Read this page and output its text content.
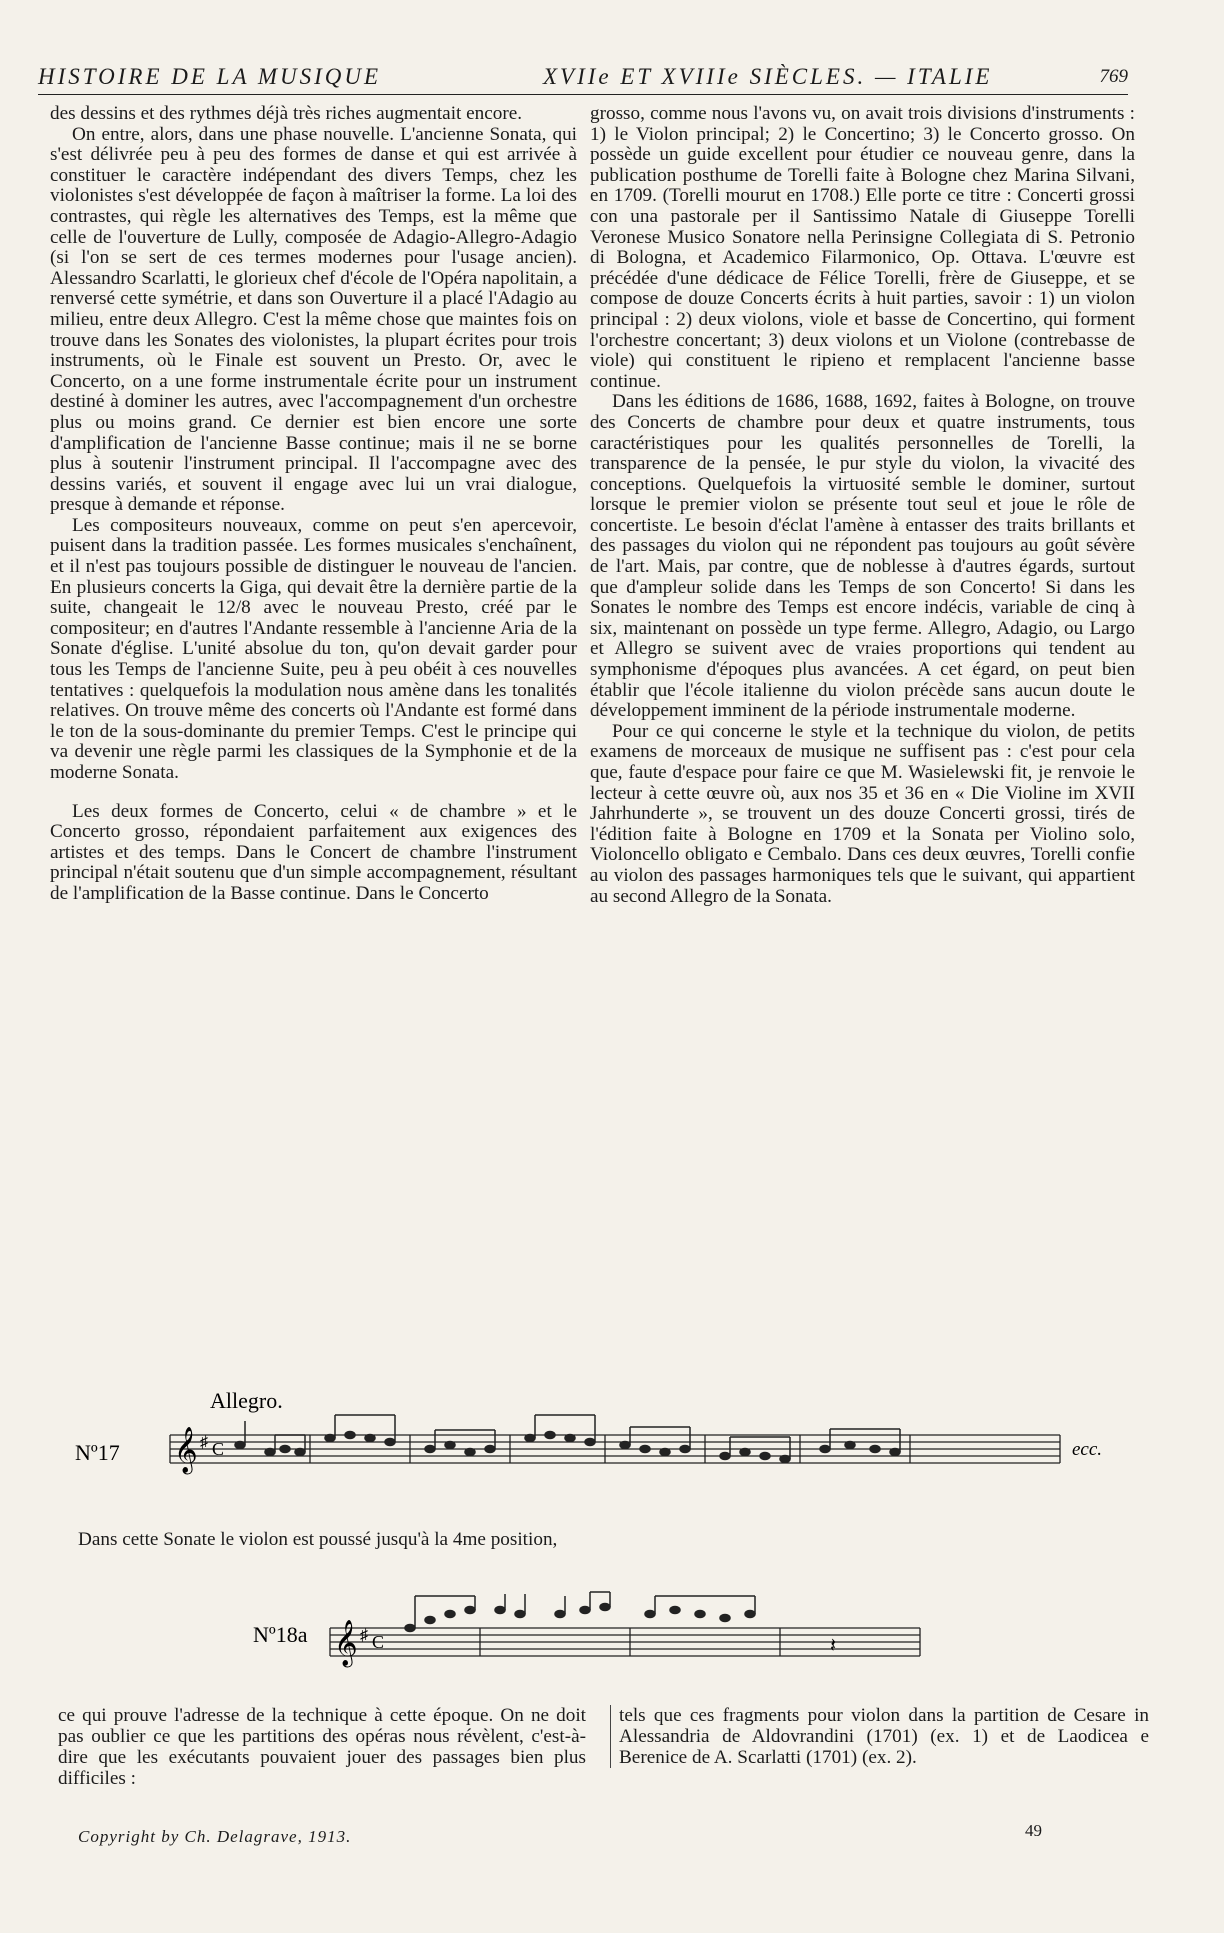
HISTOIRE DE LA MUSIQUE	XVIIe ET XVIIIe SIÈCLES. — ITALIE	769

des dessins et des rythmes déjà très riches augmentait encore.

On entre, alors, dans une phase nouvelle. L'ancienne Sonata, qui s'est délivrée peu à peu des formes de danse et qui est arrivée à constituer le caractère indépendant des divers Temps, chez les violonistes s'est développée de façon à maîtriser la forme. La loi des contrastes, qui règle les alternatives des Temps, est la même que celle de l'ouverture de Lully, composée de Adagio-Allegro-Adagio (si l'on se sert de ces termes modernes pour l'usage ancien). Alessandro Scarlatti, le glorieux chef d'école de l'Opéra napolitain, a renversé cette symétrie, et dans son Ouverture il a placé l'Adagio au milieu, entre deux Allegro. C'est la même chose que maintes fois on trouve dans les Sonates des violonistes, la plupart écrites pour trois instruments, où le Finale est souvent un Presto. Or, avec le Concerto, on a une forme instrumentale écrite pour un instrument destiné à dominer les autres, avec l'accompagnement d'un orchestre plus ou moins grand. Ce dernier est bien encore une sorte d'amplification de l'ancienne Basse continue; mais il ne se borne plus à soutenir l'instrument principal. Il l'accompagne avec des dessins variés, et souvent il engage avec lui un vrai dialogue, presque à demande et réponse.

Les compositeurs nouveaux, comme on peut s'en apercevoir, puisent dans la tradition passée. Les formes musicales s'enchaînent, et il n'est pas toujours possible de distinguer le nouveau de l'ancien. En plusieurs concerts la Giga, qui devait être la dernière partie de la suite, changeait le 12/8 avec le nouveau Presto, créé par le compositeur; en d'autres l'Andante ressemble à l'ancienne Aria de la Sonate d'église. L'unité absolue du ton, qu'on devait garder pour tous les Temps de l'ancienne Suite, peu à peu obéit à ces nouvelles tentatives : quelquefois la modulation nous amène dans les tonalités relatives. On trouve même des concerts où l'Andante est formé dans le ton de la sous-dominante du premier Temps. C'est le principe qui va devenir une règle parmi les classiques de la Symphonie et de la moderne Sonata.

Les deux formes de Concerto, celui « de chambre » et le Concerto grosso, répondaient parfaitement aux exigences des artistes et des temps. Dans le Concert de chambre l'instrument principal n'était soutenu que d'un simple accompagnement, résultant de l'amplification de la Basse continue. Dans le Concerto

grosso, comme nous l'avons vu, on avait trois divisions d'instruments : 1) le Violon principal; 2) le Concertino; 3) le Concerto grosso. On possède un guide excellent pour étudier ce nouveau genre, dans la publication posthume de Torelli faite à Bologne chez Marina Silvani, en 1709. (Torelli mourut en 1708.) Elle porte ce titre : Concerti grossi con una pastorale per il Santissimo Natale di Giuseppe Torelli Veronese Musico Sonatore nella Perinsigne Collegiata di S. Petronio di Bologna, et Academico Filarmonico, Op. Ottava. L'œuvre est précédée d'une dédicace de Félice Torelli, frère de Giuseppe, et se compose de douze Concerts écrits à huit parties, savoir : 1) un violon principal : 2) deux violons, viole et basse de Concertino, qui forment l'orchestre concertant; 3) deux violons et un Violone (contrebasse de viole) qui constituent le ripieno et remplacent l'ancienne basse continue.

Dans les éditions de 1686, 1688, 1692, faites à Bologne, on trouve des Concerts de chambre pour deux et quatre instruments, tous caractéristiques pour les qualités personnelles de Torelli, la transparence de la pensée, le pur style du violon, la vivacité des conceptions. Quelquefois la virtuosité semble le dominer, surtout lorsque le premier violon se présente tout seul et joue le rôle de concertiste. Le besoin d'éclat l'amène à entasser des traits brillants et des passages du violon qui ne répondent pas toujours au goût sévère de l'art. Mais, par contre, que de noblesse à d'autres égards, surtout que d'ampleur solide dans les Temps de son Concerto! Si dans les Sonates le nombre des Temps est encore indécis, variable de cinq à six, maintenant on possède un type ferme. Allegro, Adagio, ou Largo et Allegro se suivent avec de vraies proportions qui tendent au symphonisme d'époques plus avancées. A cet égard, on peut bien établir que l'école italienne du violon précède sans aucun doute le développement imminent de la période instrumentale moderne.

Pour ce qui concerne le style et la technique du violon, de petits examens de morceaux de musique ne suffisent pas : c'est pour cela que, faute d'espace pour faire ce que M. Wasielewski fit, je renvoie le lecteur à cette œuvre où, aux nos 35 et 36 en « Die Violine im XVII Jahrhunderte », se trouvent un des douze Concerti grossi, tirés de l'édition faite à Bologne en 1709 et la Sonata per Violino solo, Violoncello obligato e Cembalo. Dans ces deux œuvres, Torelli confie au violon des passages harmoniques tels que le suivant, qui appartient au second Allegro de la Sonata.

Allegro.
Nº17 𝄞 ♯ C	ecc.
Dans cette Sonate le violon est poussé jusqu'à la 4me position,
Nº18a 𝄞 ♯ C	𝄽
ce qui prouve l'adresse de la technique à cette époque. On ne doit pas oublier ce que les partitions des opéras nous révèlent, c'est-à-dire que les exécutants pouvaient jouer des passages bien plus difficiles :
tels que ces fragments pour violon dans la partition de Cesare in Alessandria de Aldovrandini (1701) (ex. 1) et de Laodicea e Berenice de A. Scarlatti (1701) (ex. 2).
Copyright by Ch. Delagrave, 1913.	49
